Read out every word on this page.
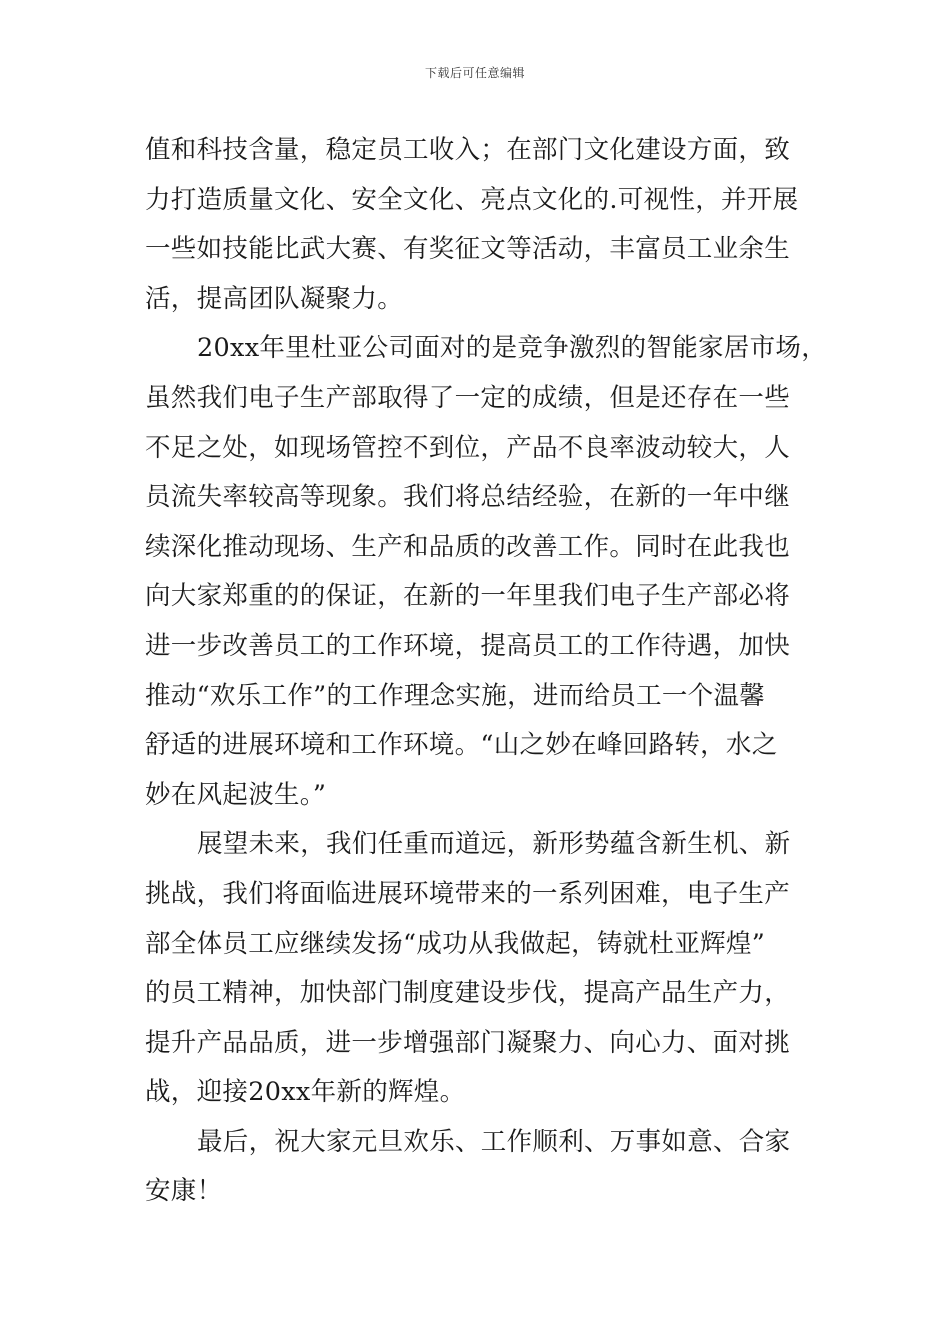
下载后可任意编辑
值和科技含量，稳定员工收入；在部门文化建设方面，致
力打造质量文化、安全文化、亮点文化的.可视性，并开展
一些如技能比武大赛、有奖征文等活动，丰富员工业余生
活，提高团队凝聚力。
20xx年里杜亚公司面对的是竞争激烈的智能家居市场，
虽然我们电子生产部取得了一定的成绩，但是还存在一些
不足之处，如现场管控不到位，产品不良率波动较大，人
员流失率较高等现象。我们将总结经验，在新的一年中继
续深化推动现场、生产和品质的改善工作。同时在此我也
向大家郑重的的保证，在新的一年里我们电子生产部必将
进一步改善员工的工作环境，提高员工的工作待遇，加快
推动“欢乐工作”的工作理念实施，进而给员工一个温馨
舒适的进展环境和工作环境。“山之妙在峰回路转，水之
妙在风起波生。”
展望未来，我们任重而道远，新形势蕴含新生机、新
挑战，我们将面临进展环境带来的一系列困难，电子生产
部全体员工应继续发扬“成功从我做起，铸就杜亚辉煌”
的员工精神，加快部门制度建设步伐，提高产品生产力，
提升产品品质，进一步增强部门凝聚力、向心力、面对挑
战，迎接20xx年新的辉煌。
最后，祝大家元旦欢乐、工作顺利、万事如意、合家
安康！
